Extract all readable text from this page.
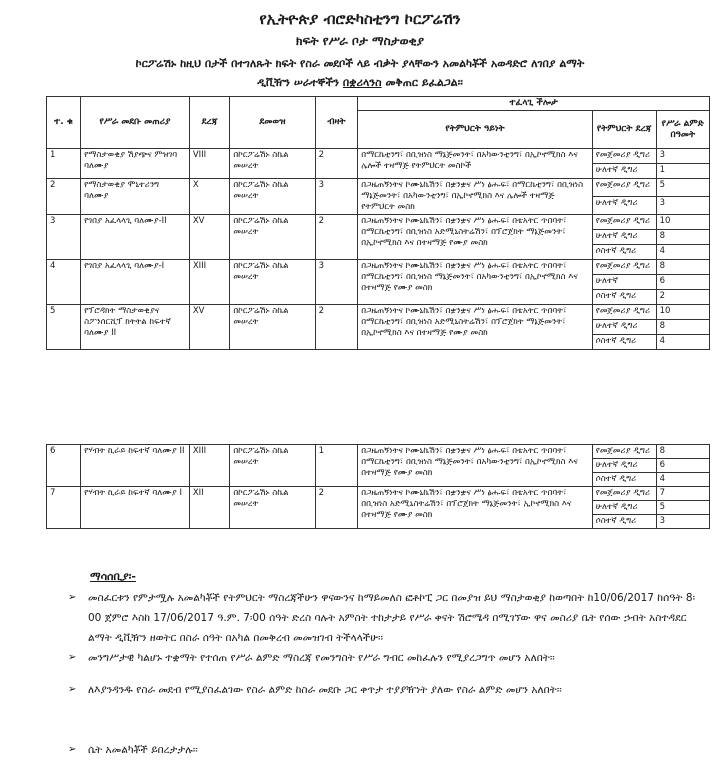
የኢትዮጵያ ብሮድካስቲንግ ኮርፖሬሽን
ክፍት የሥራ ቦታ ማስታወቂያ
ኮርፖሬሽኑ ከዚህ በታች በተገለጹት ክፍት የስራ መደቦች ላይ ብቃት ያላቸውን አመልካቾች አወዳድሮ ለገበያ ልማት
ዲቪዥን ሠራተኞችን በቋሪላንስ መቅጠር ይፈልጋል፡፡
ተ. ቁ	የሥራ መደቡ መጠሪያ	ደረጃ	ደመወዝ	ብዛት	ተፈላጊ ችሎታ		
					የትምህርት ዓይነት	የትምህርት ደረጃ	የሥራ ልምድ በዓመት
1	የማስታወቂያ ሽያጭና ምዝገባ ባለሙያ	VIII	በኮርፖሬሽኑ ስኬል መሠረት	2	በማርኬቲንግ፣ በቢዝነስ ማኔጅመንት፣ በአካውንቲንግ፣ በኢኮኖሚክስ እና ሌሎች ተዛማጅ የትምህርት መስኮች	የመጀመሪያ ዲግሪ	3
						ሁለተኛ ዲግሪ	1
2	የማስታወቂያ ሞኒተሪንግ ባለሙያ	X	በኮርፖሬሽኑ ስኬል መሠረት	3	በጋዜጠኝነትና ኮሙኒኬሽን፣ በቋንቋና ሥነ ፅሑፍ፣ በማርኬቲንግ፣ በቢዝነስ ማኔጅመንት፣ በአካውንቲንግ፣ በኢኮኖሚክስ እና ሌሎች ተዛማጅ የትምህርት መስክ	የመጀመሪያ ዲግሪ	5
						ሁለተኛ ዲግሪ	3
3	የገበያ አፈላላጊ ባለሙያ-II	XV	በኮርፖሬሽኑ ስኬል መሠረት	2	በጋዜጠኝነትና ኮሙኒኬሽን፣ በቋንቋና ሥነ ፅሑፍ፣ በቴአትር ጥበባት፣ በማርኬቲንግ፣ በቢዝነስ አድሚኒስትሬሽን፣ በፕሮጀክት ማኔጅመንት፣ በኢኮኖሚክስ እና በተዛማጅ የሙያ መስክ	የመጀመሪያ ዲግሪ	10
						ሁለተኛ ዲግሪ	8
						ሶስተኛ ዲግሪ	4
4	የገበያ አፈላላጊ ባለሙያ-I	XIII	በኮርፖሬሽኑ ስኬል መሠረት	3	በጋዜጠኝነትና ኮሙኒኬሽን፣ በቋንቋና ሥነ ፅሑፍ፣ በቴአትር ጥበባት፣ በማርኬቲንግ፣ በቢዝነስ ማኔጅመንት፣ በአካውንቲንግ፣ በኢኮኖሚክስ እና በተዛማጅ የሙያ መስክ	የመጀመሪያ ዲግሪ	8
						ሁለተኛ	6
						ሶስተኛ ዲግሪ	2
5	የፕሮዳክት ማስታወቂያና ስፖንሰርሺፕ ክትትል ከፍተኛ ባለሙያ II	XV	በኮርፖሬሽኑ ስኬል መሠረት	2	በጋዜጠኝነትና ኮሙኒኬሽን፣ በቋንቋና ሥነ ፅሑፍ፣ በቴአትር ጥበባት፣ በማርኬቲንግ፣ በቢዝነስ አድሚኒስትሬሽን፣ በፕሮጀክት ማኔጅመንት፣ በኢኮኖሚክስ እና በተዛማጅ የሙያ መስክ	የመጀመሪያ ዲግሪ	10
						ሁለተኛ ዲግሪ	8
						ሶስተኛ ዲግሪ	4
6	የሃብት ኪራይ ከፍተኛ ባለሙያ II	XIII	በኮርፖሬሽኑ ስኬል መሠረት	1	በጋዜጠኝነትና ኮሙኒኬሽን፣ በቋንቋና ሥነ ፅሑፍ፣ በቴአትር ጥበባት፣ በማርኬቲንግ፣ በቢዝነስ ማኔጅመንት፣ በአካውንቲንግ፣ በኢኮኖሚክስ እና በተዛማጅ የሙያ መስክ	የመጀመሪያ ዲግሪ	8
						ሁለተኛ ዲግሪ	6
						ሶስተኛ ዲግሪ	4
7	የሃብት ኪራይ ከፍተኛ ባለሙያ I	XII	በኮርፖሬሽኑ ስኬል መሠረት	2	በጋዜጠኝነትና ኮሙኒኬሽን፣ በቋንቋና ሥነ ፅሑፍ፣ በቴአትር ጥበባት፣ በቢዝነስ አድሚኒስትሬሽን፣ በፕሮጀክት ማኔጅመንት፣ ኢኮኖሚክስ እና በተዛማጅ የሙያ መስክ	የመጀመሪያ ዲግሪ	7
						ሁለተኛ ዲግሪ	5
						ሶስተኛ ዲግሪ	3
ማሳሰቢያ፡-
➢ መስፈርቱን የምታሟሉ አመልካቾች የትምህርት ማስረጃችሁን ዋናውንና ከማይመለስ ፎቶኮፒ ጋር በመያዝ ይህ ማስታወቂያ ከወጣበት ከ10/06/2017 ከሰዓት 8፡00 ጀምሮ እስከ 17/06/2017 ዓ.ም. 7፡00 ሰዓት ድረስ ባሉት አምስት ተከታታይ የሥራ ቀናት ሽሮሜዳ በሚገኘው ዋና መስሪያ ቤት የሰው ኃብት አስተዳደር ልማት ዲቪዥን ዘወትር በስራ ሰዓት በአካል በመቅረብ መመዝገብ ትችላላችሁ፡፡
➢ መንግሥታዊ ካልሆኑ ተቋማት የተሰጠ የሥራ ልምድ ማስረጃ የመንግስት የሥራ ግብር መከፈሉን የሚያረጋግጥ መሆን አለበት፡፡
➢ ለእያንዳንዱ የስራ መደብ የሚያስፈልገው የስራ ልምድ ከስራ መደቡ ጋር ቀጥታ ተያያዥነት ያለው የስራ ልምድ መሆን አለበት፡፡
➢ ሴት አመልካቾች ይበረታታሉ፡፡
